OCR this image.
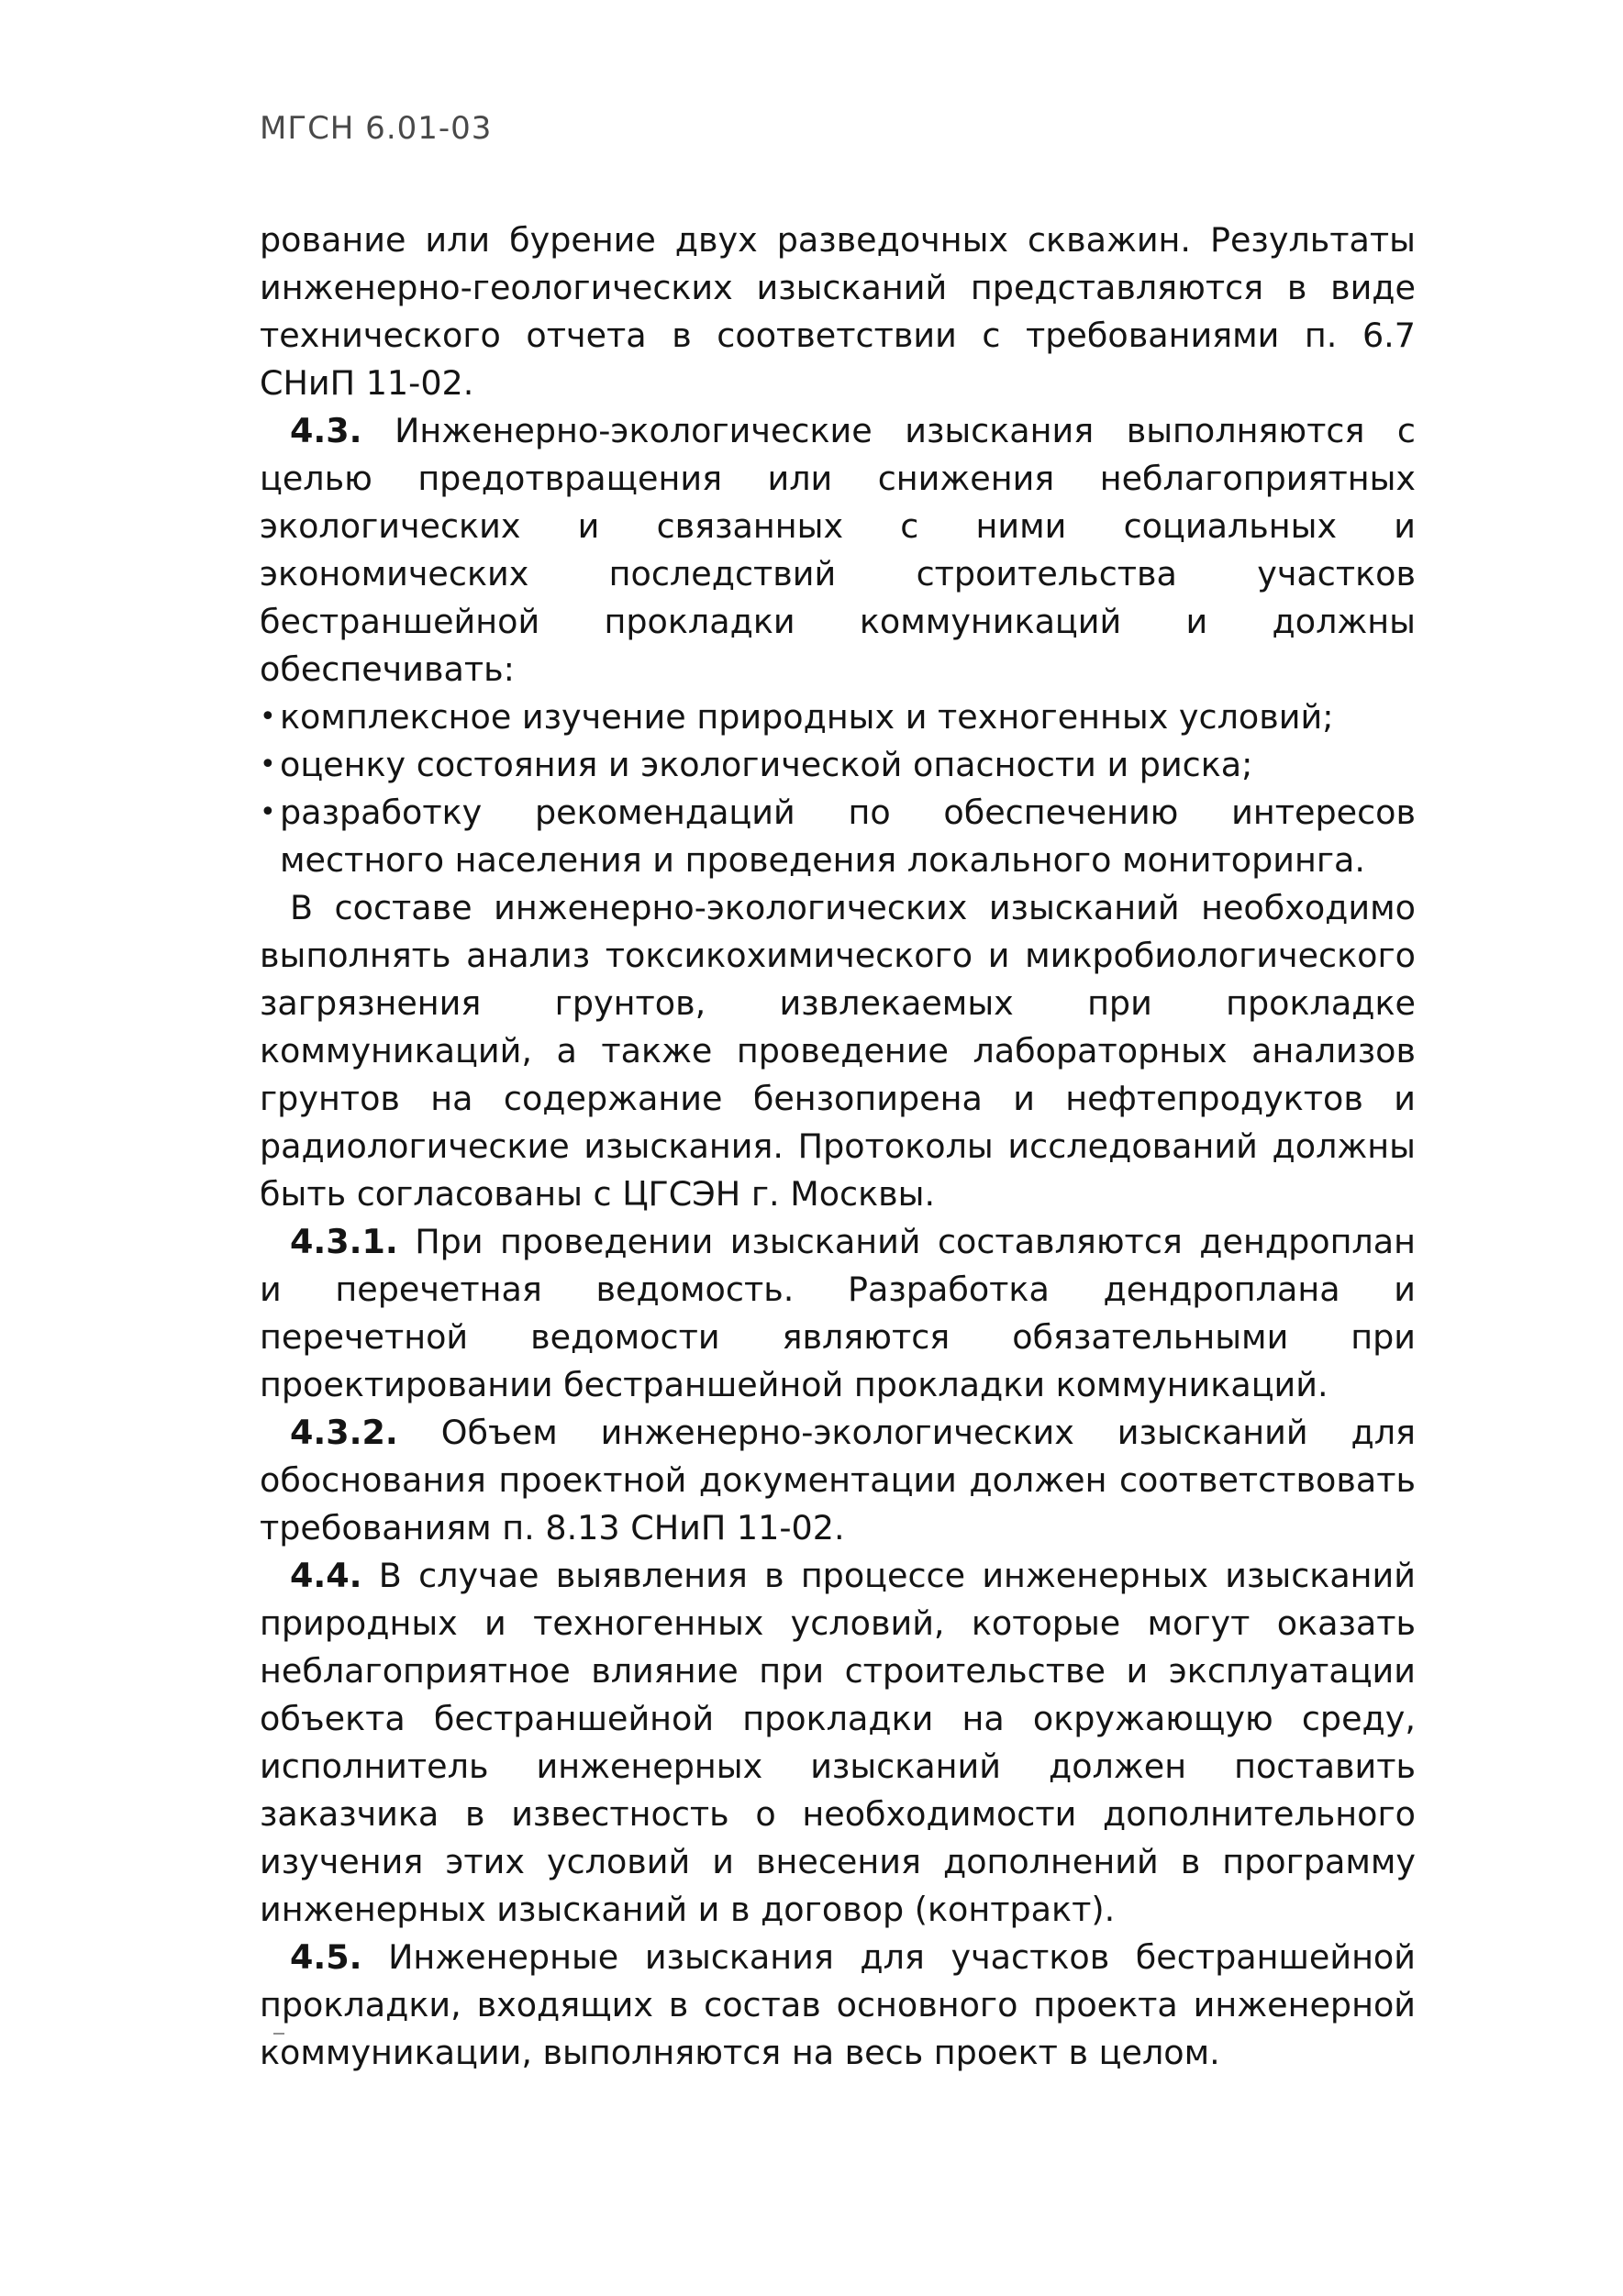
МГСН 6.01-03

рование или бурение двух разведочных скважин. Результаты инженерно-геологических изысканий представляются в виде технического отчета в соответствии с требованиями п. 6.7 СНиП 11-02.

4.3. Инженерно-экологические изыскания выполняются с целью предотвращения или снижения неблагоприятных экологических и связанных с ними социальных и экономических последствий строительства участков бестраншейной прокладки коммуникаций и должны обеспечивать:

• комплексное изучение природных и техногенных условий;
• оценку состояния и экологической опасности и риска;
• разработку рекомендаций по обеспечению интересов местного населения и проведения локального мониторинга.

В составе инженерно-экологических изысканий необходимо выполнять анализ токсикохимического и микробиологического загрязнения грунтов, извлекаемых при прокладке коммуникаций, а также проведение лабораторных анализов грунтов на содержание бензопирена и нефтепродуктов и радиологические изыскания. Протоколы исследований должны быть согласованы с ЦГСЭН г. Москвы.

4.3.1. При проведении изысканий составляются дендроплан и перечетная ведомость. Разработка дендроплана и перечетной ведомости являются обязательными при проектировании бестраншейной прокладки коммуникаций.

4.3.2. Объем инженерно-экологических изысканий для обоснования проектной документации должен соответствовать требованиям п. 8.13 СНиП 11-02.

4.4. В случае выявления в процессе инженерных изысканий природных и техногенных условий, которые могут оказать неблагоприятное влияние при строительстве и эксплуатации объекта бестраншейной прокладки на окружающую среду, исполнитель инженерных изысканий должен поставить заказчика в известность о необходимости дополнительного изучения этих условий и внесения дополнений в программу инженерных изысканий и в договор (контракт).

4.5. Инженерные изыскания для участков бестраншейной прокладки, входящих в состав основного проекта инженерной коммуникации, выполняются на весь проект в целом.
